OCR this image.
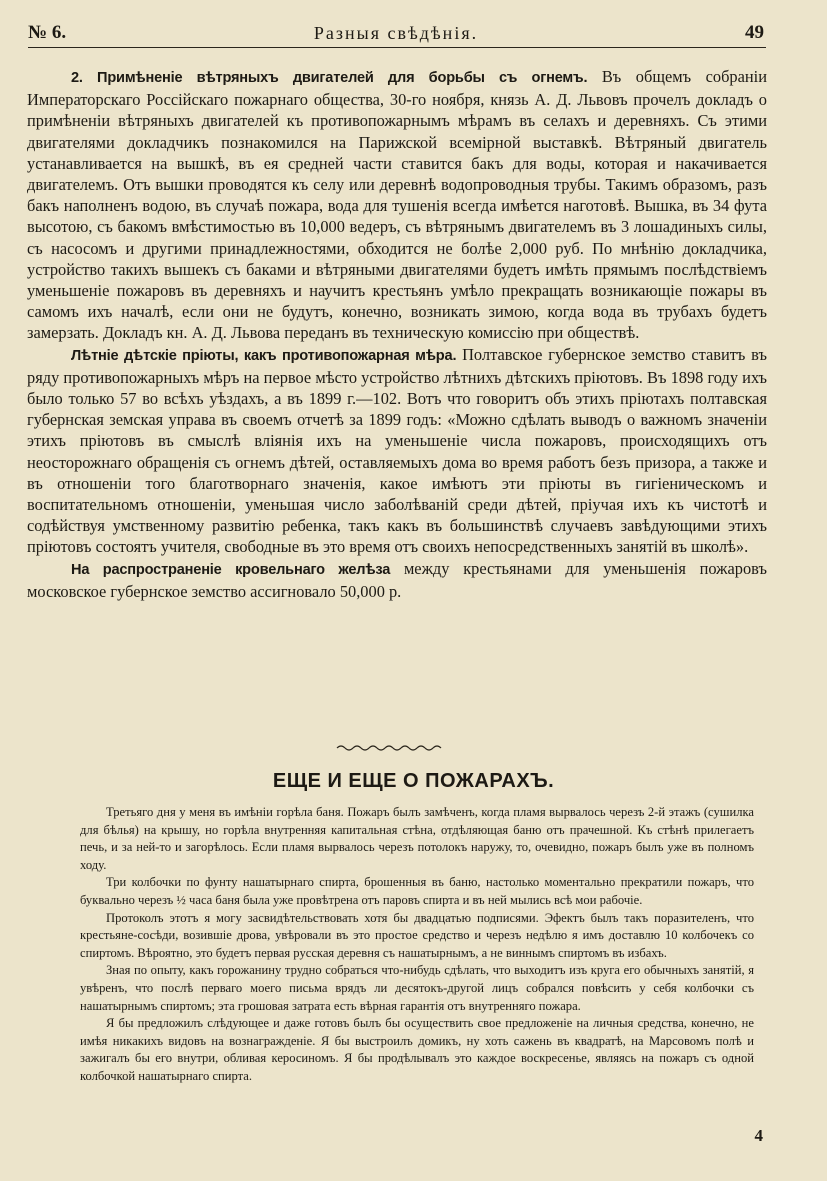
№ 6.	Разныя свѣдѣнія.	49

2. Примѣненіе вѣтряныхъ двигателей для борьбы съ огнемъ. Въ общемъ собраніи Императорскаго Россійскаго пожарнаго общества, 30-го ноября, князь А. Д. Львовъ прочелъ докладъ о примѣненіи вѣтряныхъ двигателей къ противопожарнымъ мѣрамъ въ селахъ и деревняхъ. Съ этими двигателями докладчикъ познакомился на Парижской всемірной выставкѣ. Вѣтряный двигатель устанавливается на вышкѣ, въ ея средней части ставится бакъ для воды, которая и накачивается двигателемъ. Отъ вышки проводятся къ селу или деревнѣ водопроводныя трубы. Такимъ образомъ, разъ бакъ наполненъ водою, въ случаѣ пожара, вода для тушенія всегда имѣется наготовѣ. Вышка, въ 34 фута высотою, съ бакомъ вмѣстимостью въ 10,000 ведеръ, съ вѣтрянымъ двигателемъ въ 3 лошадиныхъ силы, съ насосомъ и другими принадлежностями, обходится не болѣе 2,000 руб. По мнѣнію докладчика, устройство такихъ вышекъ съ баками и вѣтряными двигателями будетъ имѣть прямымъ послѣдствіемъ уменьшеніе пожаровъ въ деревняхъ и научитъ крестьянъ умѣло прекращать возникающіе пожары въ самомъ ихъ началѣ, если они не будутъ, конечно, возникать зимою, когда вода въ трубахъ будетъ замерзать. Докладъ кн. А. Д. Львова переданъ въ техническую комиссію при обществѣ.

Лѣтніе дѣтскіе пріюты, какъ противопожарная мѣра. Полтавское губернское земство ставитъ въ ряду противопожарныхъ мѣръ на первое мѣсто устройство лѣтнихъ дѣтскихъ пріютовъ. Въ 1898 году ихъ было только 57 во всѣхъ уѣздахъ, а въ 1899 г.—102. Вотъ что говоритъ объ этихъ пріютахъ полтавская губернская земская управа въ своемъ отчетѣ за 1899 годъ: «Можно сдѣлать выводъ о важномъ значеніи этихъ пріютовъ въ смыслѣ вліянія ихъ на уменьшеніе числа пожаровъ, происходящихъ отъ неосторожнаго обращенія съ огнемъ дѣтей, оставляемыхъ дома во время работъ безъ призора, а также и въ отношеніи того благотворнаго значенія, какое имѣютъ эти пріюты въ гигіеническомъ и воспитательномъ отношеніи, уменьшая число заболѣваній среди дѣтей, пріучая ихъ къ чистотѣ и содѣйствуя умственному развитію ребенка, такъ какъ въ большинствѣ случаевъ завѣдующими этихъ пріютовъ состоятъ учителя, свободные въ это время отъ своихъ непосредственныхъ занятій въ школѣ».

На распространеніе кровельнаго желѣза между крестьянами для уменьшенія пожаровъ московское губернское земство ассигновало 50,000 р.

ЕЩЕ И ЕЩЕ О ПОЖАРАХЪ.

Третьяго дня у меня въ имѣніи горѣла баня. Пожаръ былъ замѣченъ, когда пламя вырвалось черезъ 2-й этажъ (сушилка для бѣлья) на крышу, но горѣла внутренняя капитальная стѣна, отдѣляющая баню отъ прачешной. Къ стѣнѣ прилегаетъ печь, и за ней-то и загорѣлось. Если пламя вырвалось черезъ потолокъ наружу, то, очевидно, пожаръ былъ уже въ полномъ ходу.

Три колбочки по фунту нашатырнаго спирта, брошенныя въ баню, настолько моментально прекратили пожаръ, что буквально черезъ ½ часа баня была уже провѣтрена отъ паровъ спирта и въ ней мылись всѣ мои рабочіе.

Протоколъ этотъ я могу засвидѣтельствовать хотя бы двадцатью подписями. Эфектъ былъ такъ поразителенъ, что крестьяне-сосѣди, возившіе дрова, увѣровали въ это простое средство и черезъ недѣлю я имъ доставлю 10 колбочекъ со спиртомъ. Вѣроятно, это будетъ первая русская деревня съ нашатырнымъ, а не виннымъ спиртомъ въ избахъ.

Зная по опыту, какъ горожанину трудно собраться что-нибудь сдѣлать, что выходитъ изъ круга его обычныхъ занятій, я увѣренъ, что послѣ перваго моего письма врядъ ли десятокъ-другой лицъ собрался повѣсить у себя колбочки съ нашатырнымъ спиртомъ; эта грошовая затрата есть вѣрная гарантія отъ внутренняго пожара.

Я бы предложилъ слѣдующее и даже готовъ былъ бы осуществить свое предложеніе на личныя средства, конечно, не имѣя никакихъ видовъ на вознагражденіе. Я бы выстроилъ домикъ, ну хоть сажень въ квадратѣ, на Марсовомъ полѣ и зажигалъ бы его внутри, обливая керосиномъ. Я бы продѣлывалъ это каждое воскресенье, являясь на пожаръ съ одной колбочкой нашатырнаго спирта.

4
